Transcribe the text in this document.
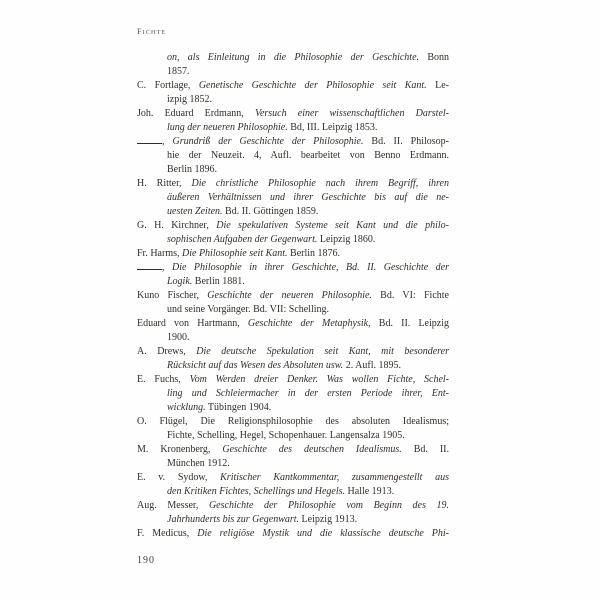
Fichte
on, als Einleitung in die Philosophie der Geschichte. Bonn
1857.
C. Fortlage, Genetische Geschichte der Philosophie seit Kant. Le-
izpig 1852.
Joh. Eduard Erdmann, Versuch einer wissenschaftlichen Darstel-
lung der neueren Philosophie. Bd, III. Leipzig 1853.
, Grundriß der Geschichte der Philosophie. Bd. II. Philosop-
hie der Neuzeit. 4, Aufl. bearbeitet von Benno Erdmann.
Berlin 1896.
H. Ritter, Die christliche Philosophie nach ihrem Begriff, ihren
äußeren Verhältnissen und ihrer Geschichte bis auf die ne-
uesten Zeiten. Bd. II. Göttingen 1859.
G. H. Kirchner, Die spekulativen Systeme seit Kant und die philo-
sophischen Aufgaben der Gegenwart. Leipzig 1860.
Fr. Harms, Die Philosophie seit Kant. Berlin 1876.
, Die Philosophie in ihrer Geschichte, Bd. II. Geschichte der
Logik. Berlin 1881.
Kuno Fischer, Geschichte der neueren Philosophie. Bd. VI: Fichte
und seine Vorgänger. Bd. VII: Schelling.
Eduard von Hartmann, Geschichte der Metaphysik, Bd. II. Leipzig
1900.
A. Drews, Die deutsche Spekulation seit Kant, mit besonderer
Rücksicht auf das Wesen des Absoluten usw. 2. Aufl. 1895.
E. Fuchs, Vom Werden dreier Denker. Was wollen Fichte, Schel-
ling und Schleiermacher in der ersten Periode ihrer, Ent-
wicklung. Tübingen 1904.
O. Flügel, Die Religionsphilosophie des absoluten Idealismus;
Fichte, Schelling, Hegel, Schopenhauer. Langensalza 1905.
M. Kronenberg, Geschichte des deutschen Idealismus. Bd. II.
München 1912.
E. v. Sydow, Kritischer Kantkommentar, zusammengestellt aus
den Kritiken Fichtes, Schellings und Hegels. Halle 1913.
Aug. Messer, Geschichte der Philosophie vom Beginn des 19.
Jahrhunderts bis zur Gegenwart. Leipzig 1913.
F. Medicus, Die religiöse Mystik und die klassische deutsche Phi-
190
